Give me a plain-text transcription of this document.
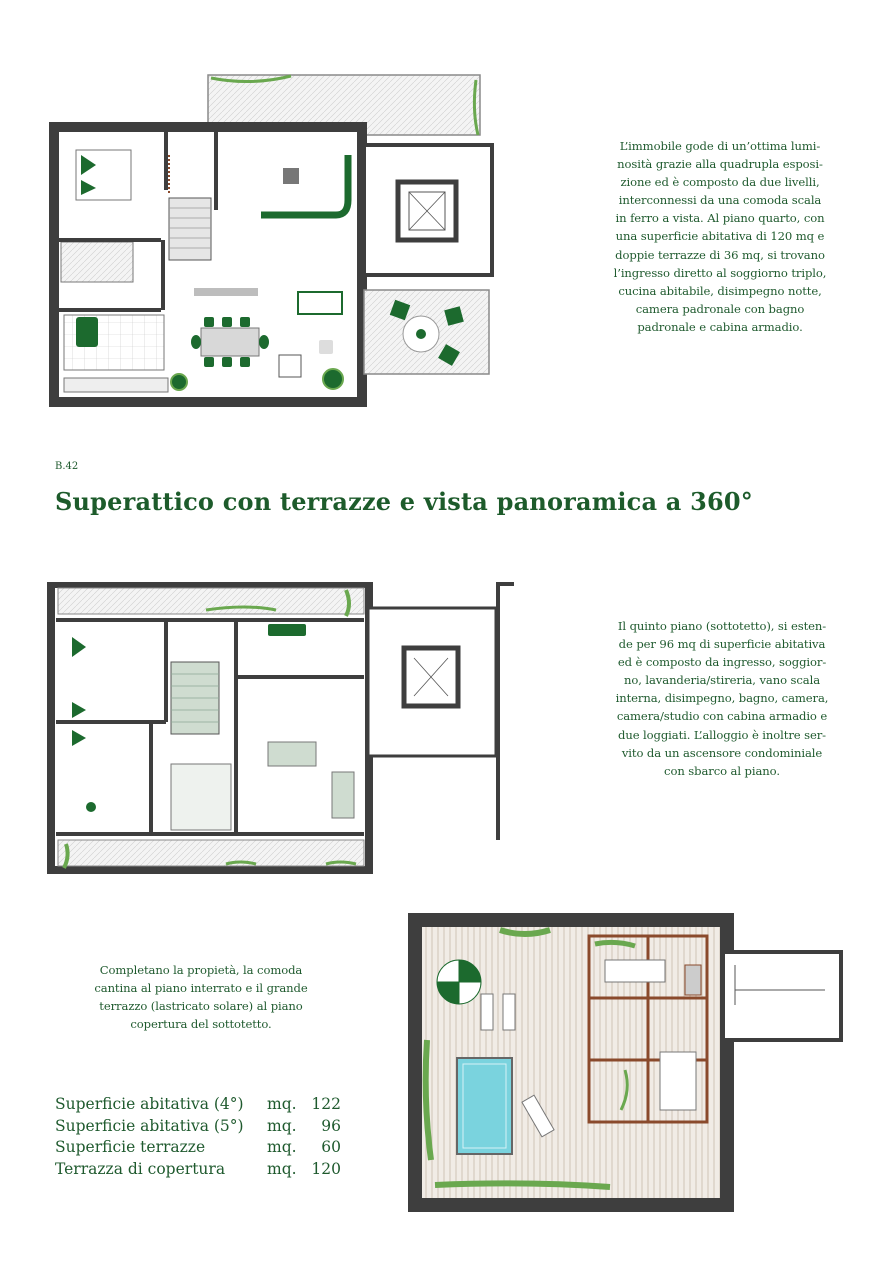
L’immobile gode di un’ottima lumi-
nosità grazie alla quadrupla esposi-
zione ed è composto da due livelli,
interconnessi da una comoda scala
in ferro a vista. Al piano quarto, con
una superficie abitativa di 120 mq e
doppie terrazze di 36 mq, si trovano
l’ingresso diretto al soggiorno triplo,
cucina abitabile, disimpegno notte,
camera padronale con bagno
padronale e cabina armadio.
B.42
Superattico con terrazze e vista panoramica a 360°
Il quinto piano (sottotetto), si esten-
de per 96 mq di superficie abitativa
ed è composto da ingresso, soggior-
no, lavanderia/stireria, vano scala
interna, disimpegno, bagno, camera,
camera/studio con cabina armadio e
due loggiati. L’alloggio è inoltre ser-
vito da un ascensore condominiale
con sbarco al piano.
Completano la propietà, la comoda
cantina al piano interrato e il grande
terrazzo (lastricato solare) al piano
copertura del sottotetto.
Superficie abitativa (4°) mq. 122
Superficie abitativa (5°) mq. 96
Superficie terrazze	mq. 60
Terrazza di copertura	mq. 120
